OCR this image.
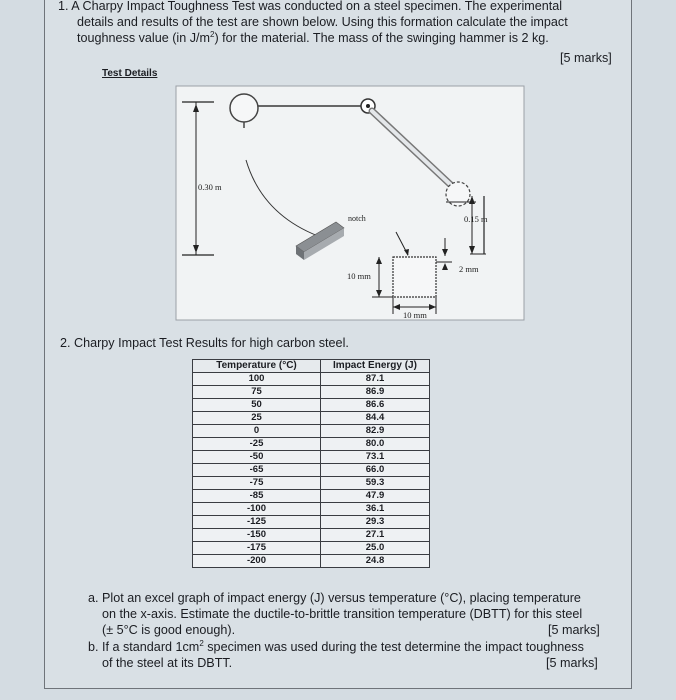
1. A Charpy Impact Toughness Test was conducted on a steel specimen. The experimental
details and results of the test are shown below. Using this formation calculate the impact
toughness value (in $J/m^2$) for the material. The mass of the swinging hammer is 2 kg.
[5 marks]
Test Details
0.30 m
notch	0.15 m
10 mm
2 mm
10 mm
2. Charpy Impact Test Results for high carbon steel.
Temperature (°C)	Impact Energy (J)
100	87.1
75	86.9
50	86.6
25	84.4
0	82.9
-25	80.0
-50	73.1
-65	66.0
-75	59.3
-85	47.9
-100	36.1
-125	29.3
-150	27.1
-175	25.0
-200	24.8
a. Plot an excel graph of impact energy (J) versus temperature (°C), placing temperature
on the x-axis. Estimate the ductile-to-brittle transition temperature (DBTT) for this steel
(± 5°C is good enough).	[5 marks]
b. If a standard $1cm^2$ specimen was used during the test determine the impact toughness
of the steel at its DBTT.	[5 marks]
